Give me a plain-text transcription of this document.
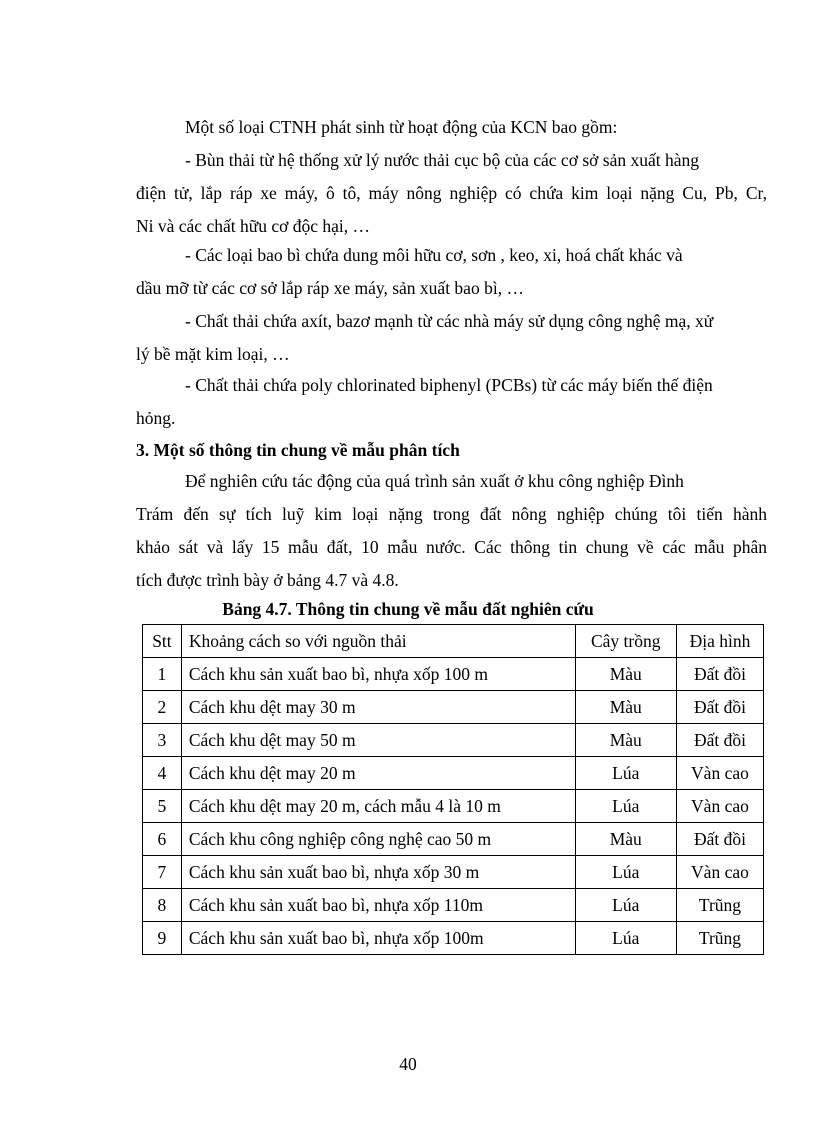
Một số loại CTNH phát sinh từ hoạt động của KCN bao gồm:
- Bùn thải từ hệ thống xử lý nước thải cục bộ của các cơ sở sản xuất hàng
điện tử, lắp ráp xe máy, ô tô, máy nông nghiệp có chứa kim loại nặng Cu, Pb, Cr,
Ni và các chất hữu cơ độc hại, …
- Các loại bao bì chứa dung môi hữu cơ, sơn , keo, xi, hoá chất khác và
dầu mỡ từ các cơ sở lắp ráp xe máy, sản xuất bao bì, …
- Chất thải chứa axít, bazơ mạnh từ các nhà máy sử dụng công nghệ mạ, xử
lý bề mặt kim loại, …
- Chất thải chứa poly chlorinated biphenyl (PCBs) từ các máy biến thế điện
hỏng.
3. Một số thông tin chung về mẫu phân tích
Để nghiên cứu tác động của quá trình sản xuất ở khu công nghiệp Đình
Trám đến sự tích luỹ kim loại nặng trong đất nông nghiệp chúng tôi tiến hành
khảo sát và lấy 15 mẫu đất, 10 mẫu nước. Các thông tin chung về các mẫu phân
tích được trình bày ở bảng 4.7 và 4.8.
Bảng 4.7. Thông tin chung về mẫu đất nghiên cứu
Stt	Khoảng cách so với nguồn thải	Cây trồng	Địa hình
1	Cách khu sản xuất bao bì, nhựa xốp 100 m	Màu	Đất đồi
2	Cách khu dệt may 30 m	Màu	Đất đồi
3	Cách khu dệt may 50 m	Màu	Đất đồi
4	Cách khu dệt may 20 m	Lúa	Vàn cao
5	Cách khu dệt may 20 m, cách mẫu 4 là 10 m	Lúa	Vàn cao
6	Cách khu công nghiệp công nghệ cao 50 m	Màu	Đất đồi
7	Cách khu sản xuất bao bì, nhựa xốp 30 m	Lúa	Vàn cao
8	Cách khu sản xuất bao bì, nhựa xốp 110m	Lúa	Trũng
9	Cách khu sản xuất bao bì, nhựa xốp 100m	Lúa	Trũng
40
